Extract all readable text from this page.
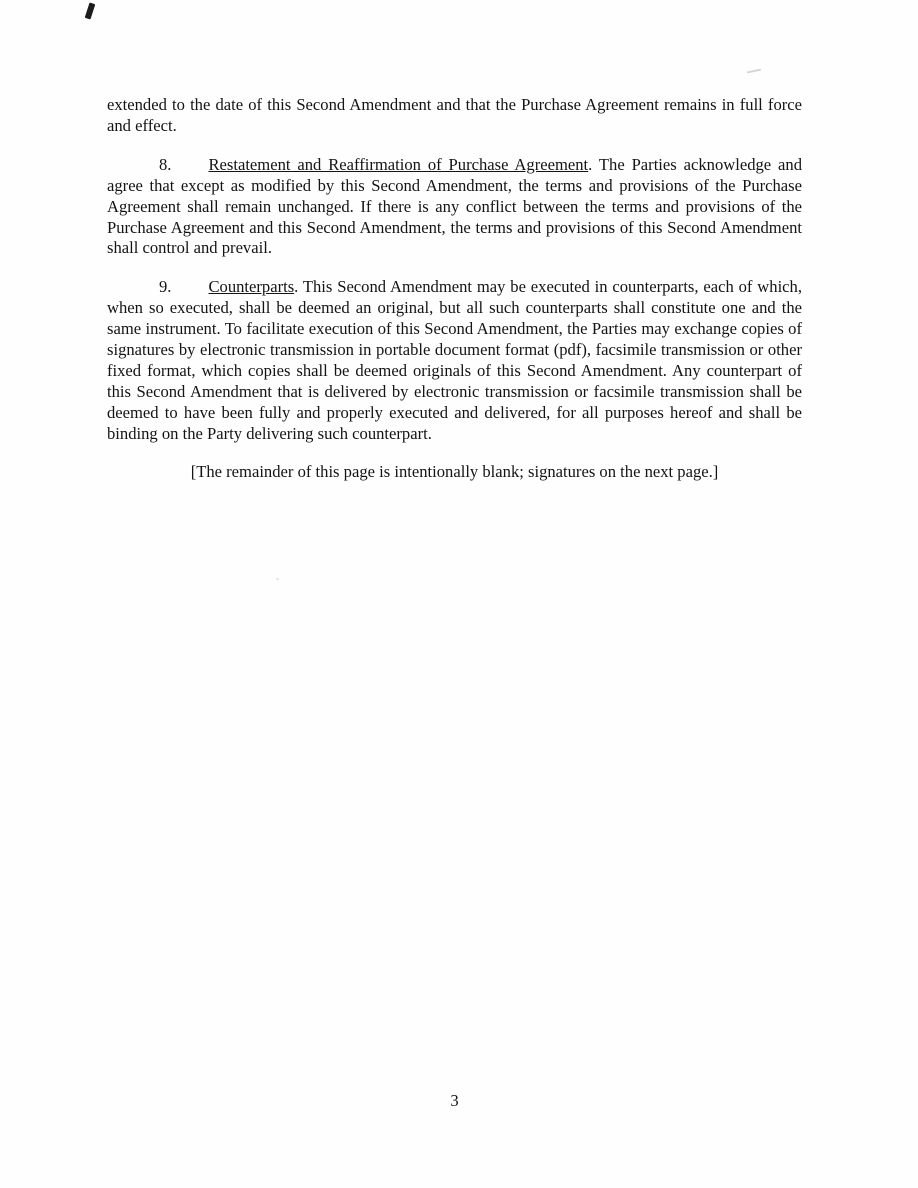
extended to the date of this Second Amendment and that the Purchase Agreement remains in full force and effect.

8. Restatement and Reaffirmation of Purchase Agreement. The Parties acknowledge and agree that except as modified by this Second Amendment, the terms and provisions of the Purchase Agreement shall remain unchanged. If there is any conflict between the terms and provisions of the Purchase Agreement and this Second Amendment, the terms and provisions of this Second Amendment shall control and prevail.

9. Counterparts. This Second Amendment may be executed in counterparts, each of which, when so executed, shall be deemed an original, but all such counterparts shall constitute one and the same instrument. To facilitate execution of this Second Amendment, the Parties may exchange copies of signatures by electronic transmission in portable document format (pdf), facsimile transmission or other fixed format, which copies shall be deemed originals of this Second Amendment. Any counterpart of this Second Amendment that is delivered by electronic transmission or facsimile transmission shall be deemed to have been fully and properly executed and delivered, for all purposes hereof and shall be binding on the Party delivering such counterpart.

[The remainder of this page is intentionally blank; signatures on the next page.]

3
